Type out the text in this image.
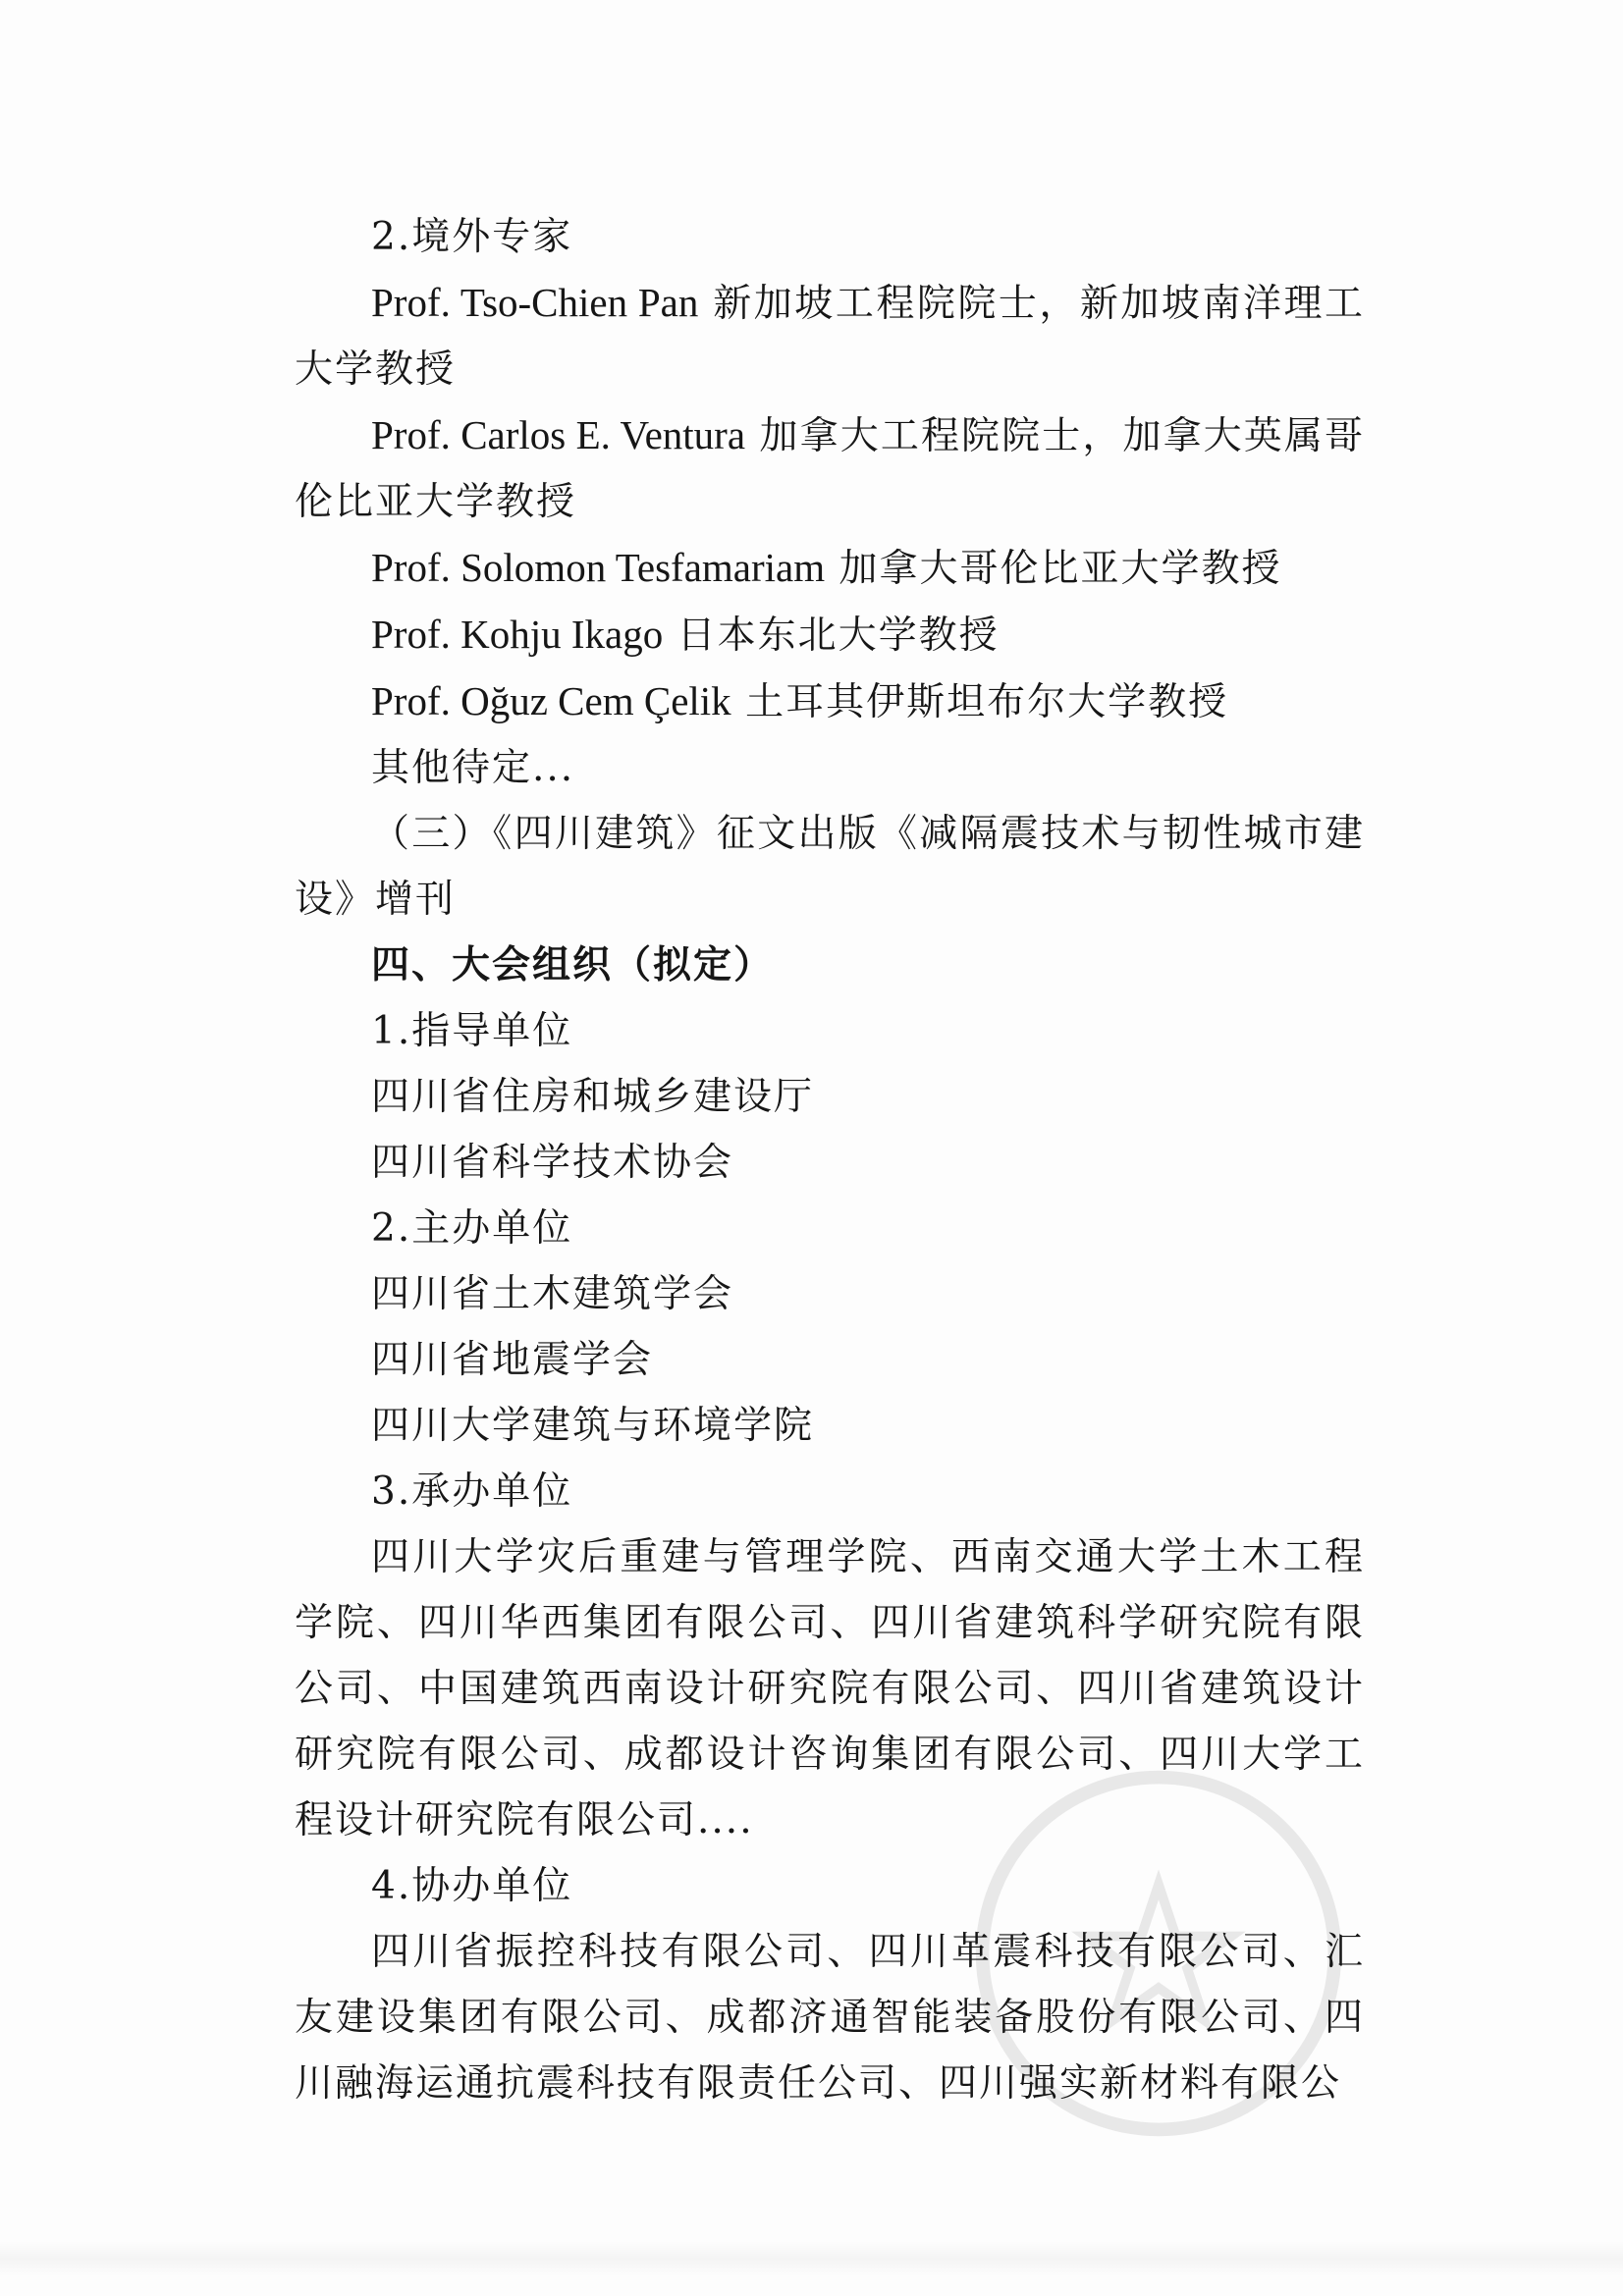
2.境外专家

Prof. Tso-Chien Pan 新加坡工程院院士，新加坡南洋理工大学教授

Prof. Carlos E. Ventura 加拿大工程院院士，加拿大英属哥伦比亚大学教授

Prof. Solomon Tesfamariam 加拿大哥伦比亚大学教授

Prof. Kohju Ikago 日本东北大学教授

Prof. Oğuz Cem Çelik 土耳其伊斯坦布尔大学教授

其他待定...

（三）《四川建筑》征文出版《减隔震技术与韧性城市建设》增刊

四、大会组织（拟定）

1.指导单位

四川省住房和城乡建设厅

四川省科学技术协会

2.主办单位

四川省土木建筑学会

四川省地震学会

四川大学建筑与环境学院

3.承办单位

四川大学灾后重建与管理学院、西南交通大学土木工程学院、四川华西集团有限公司、四川省建筑科学研究院有限公司、中国建筑西南设计研究院有限公司、四川省建筑设计研究院有限公司、成都设计咨询集团有限公司、四川大学工程设计研究院有限公司....

4.协办单位

四川省振控科技有限公司、四川革震科技有限公司、汇友建设集团有限公司、成都济通智能装备股份有限公司、四川融海运通抗震科技有限责任公司、四川强实新材料有限公
